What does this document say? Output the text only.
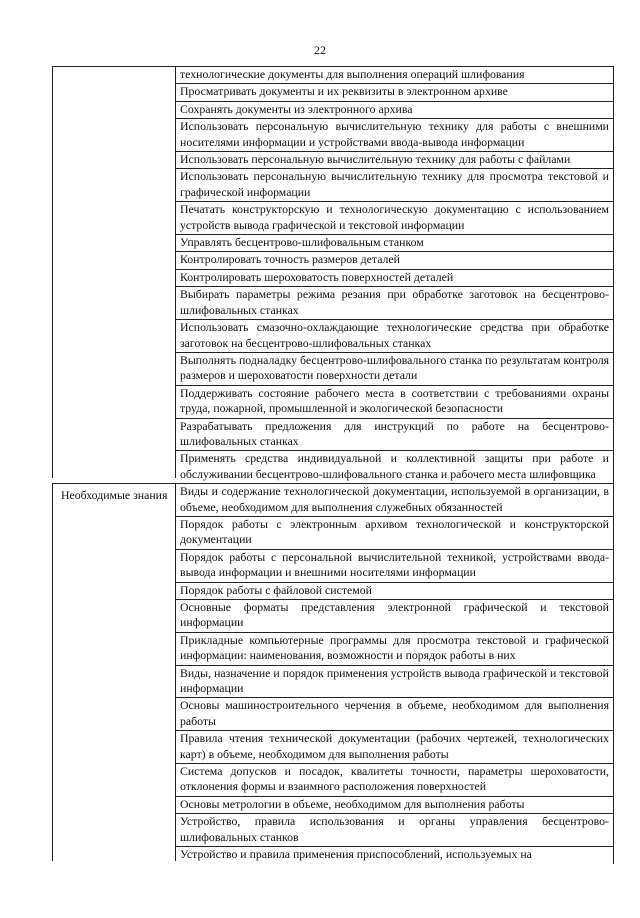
22
технологические документы для выполнения операций шлифования
Просматривать документы и их реквизиты в электронном архиве
Сохранять документы из электронного архива
Использовать персональную вычислительную технику для работы с внешними носителями информации и устройствами ввода-вывода информации
Использовать персональную вычислительную технику для работы с файлами
Использовать персональную вычислительную технику для просмотра текстовой и графической информации
Печатать конструкторскую и технологическую документацию с использованием устройств вывода графической и текстовой информации
Управлять бесцентрово-шлифовальным станком
Контролировать точность размеров деталей
Контролировать шероховатость поверхностей деталей
Выбирать параметры режима резания при обработке заготовок на бесцентрово-шлифовальных станках
Использовать смазочно-охлаждающие технологические средства при обработке заготовок на бесцентрово-шлифовальных станках
Выполнять подналадку бесцентрово-шлифовального станка по результатам контроля размеров и шероховатости поверхности детали
Поддерживать состояние рабочего места в соответствии с требованиями охраны труда, пожарной, промышленной и экологической безопасности
Разрабатывать предложения для инструкций по работе на бесцентрово-шлифовальных станках
Применять средства индивидуальной и коллективной защиты при работе и обслуживании бесцентрово-шлифовального станка и рабочего места шлифовщика
Необходимые знания	Виды и содержание технологической документации, используемой в организации, в объеме, необходимом для выполнения служебных обязанностей
Порядок работы с электронным архивом технологической и конструкторской документации
Порядок работы с персональной вычислительной техникой, устройствами ввода-вывода информации и внешними носителями информации
Порядок работы с файловой системой
Основные форматы представления электронной графической и текстовой информации
Прикладные компьютерные программы для просмотра текстовой и графической информации: наименования, возможности и порядок работы в них
Виды, назначение и порядок применения устройств вывода графической и текстовой информации
Основы машиностроительного черчения в объеме, необходимом для выполнения работы
Правила чтения технической документации (рабочих чертежей, технологических карт) в объеме, необходимом для выполнения работы
Система допусков и посадок, квалитеты точности, параметры шероховатости, отклонения формы и взаимного расположения поверхностей
Основы метрологии в объеме, необходимом для выполнения работы
Устройство, правила использования и органы управления бесцентрово-шлифовальных станков
Устройство и правила применения приспособлений, используемых на
